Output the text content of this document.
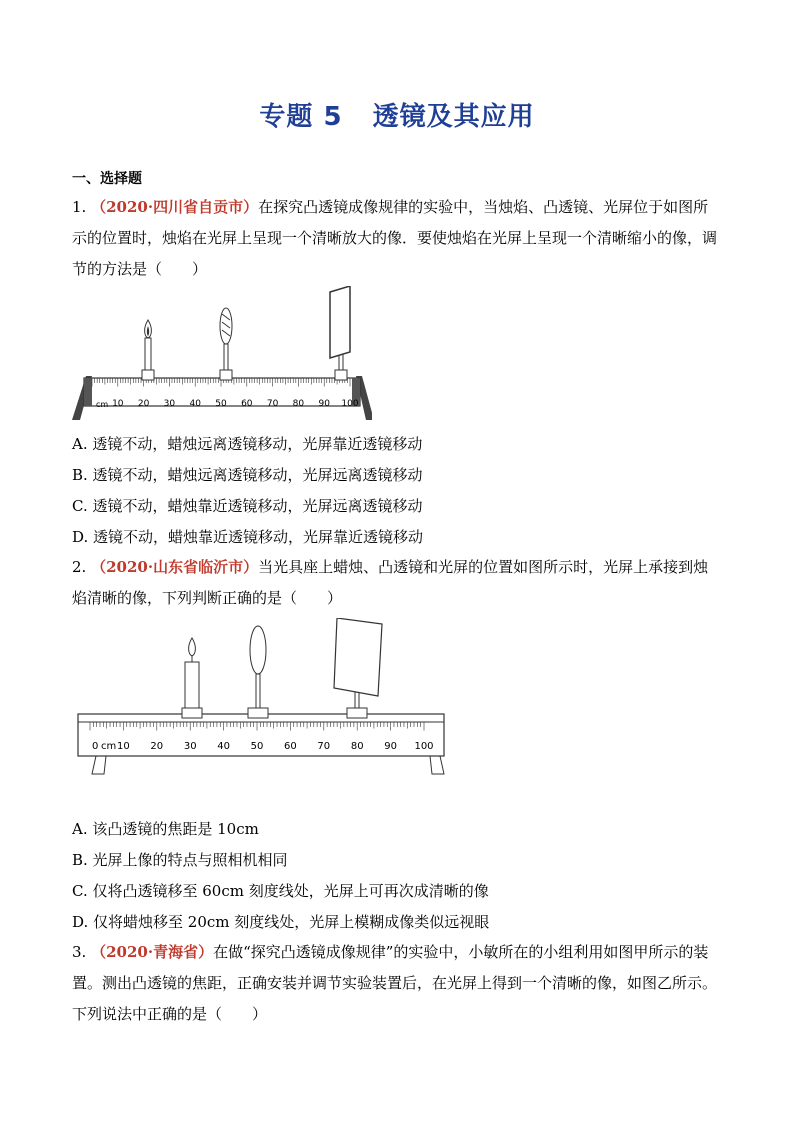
专题 5 透镜及其应用
一、选择题
1. （2020·四川省自贡市）在探究凸透镜成像规律的实验中，当烛焰、凸透镜、光屏位于如图所示的位置时，烛焰在光屏上呈现一个清晰放大的像．要使烛焰在光屏上呈现一个清晰缩小的像，调节的方法是（　　）
cm 10 20 30 40 50 60 70 80 90 100
A. 透镜不动，蜡烛远离透镜移动，光屏靠近透镜移动
B. 透镜不动，蜡烛远离透镜移动，光屏远离透镜移动
C. 透镜不动，蜡烛靠近透镜移动，光屏远离透镜移动
D. 透镜不动，蜡烛靠近透镜移动，光屏靠近透镜移动
2. （2020·山东省临沂市）当光具座上蜡烛、凸透镜和光屏的位置如图所示时，光屏上承接到烛焰清晰的像，下列判断正确的是（　　）
10 20 30 40 50 60 70 80 90 100
0 cm
A. 该凸透镜的焦距是 10cm
B. 光屏上像的特点与照相机相同
C. 仅将凸透镜移至 60cm 刻度线处，光屏上可再次成清晰的像
D. 仅将蜡烛移至 20cm 刻度线处，光屏上模糊成像类似远视眼
3. （2020·青海省）在做“探究凸透镜成像规律”的实验中，小敏所在的小组利用如图甲所示的装置。测出凸透镜的焦距，正确安装并调节实验装置后，在光屏上得到一个清晰的像，如图乙所示。下列说法中正确的是（　　）
